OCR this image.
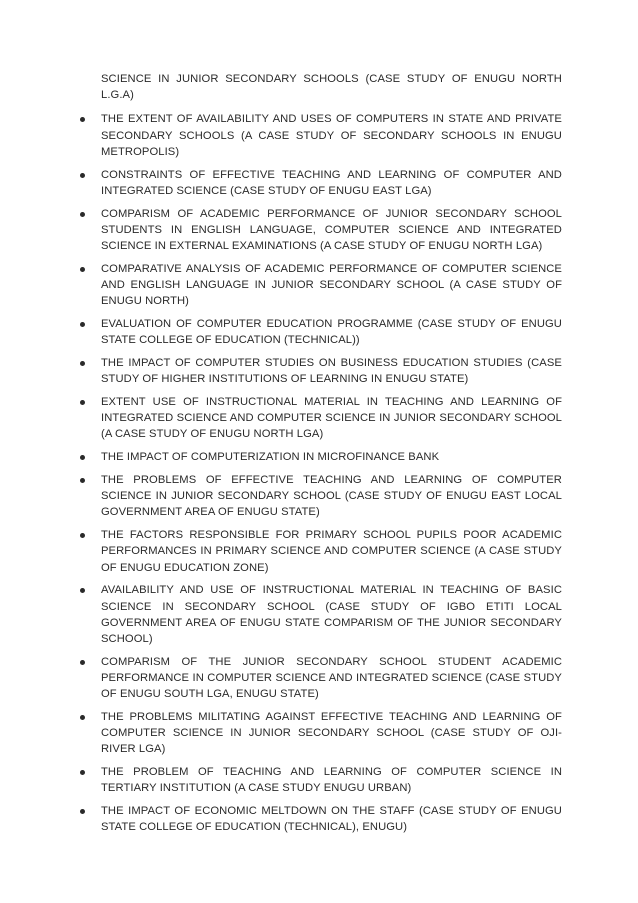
SCIENCE IN JUNIOR SECONDARY SCHOOLS (CASE STUDY OF ENUGU NORTH L.G.A)

THE EXTENT OF AVAILABILITY AND USES OF COMPUTERS IN STATE AND PRIVATE SECONDARY SCHOOLS (A CASE STUDY OF SECONDARY SCHOOLS IN ENUGU METROPOLIS)
CONSTRAINTS OF EFFECTIVE TEACHING AND LEARNING OF COMPUTER AND INTEGRATED SCIENCE (CASE STUDY OF ENUGU EAST LGA)
COMPARISM OF ACADEMIC PERFORMANCE OF JUNIOR SECONDARY SCHOOL STUDENTS IN ENGLISH LANGUAGE, COMPUTER SCIENCE AND INTEGRATED SCIENCE IN EXTERNAL EXAMINATIONS (A CASE STUDY OF ENUGU NORTH LGA)
COMPARATIVE ANALYSIS OF ACADEMIC PERFORMANCE OF COMPUTER SCIENCE AND ENGLISH LANGUAGE IN JUNIOR SECONDARY SCHOOL (A CASE STUDY OF ENUGU NORTH)
EVALUATION OF COMPUTER EDUCATION PROGRAMME (CASE STUDY OF ENUGU STATE COLLEGE OF EDUCATION (TECHNICAL))
THE IMPACT OF COMPUTER STUDIES ON BUSINESS EDUCATION STUDIES (CASE STUDY OF HIGHER INSTITUTIONS OF LEARNING IN ENUGU STATE)
EXTENT USE OF INSTRUCTIONAL MATERIAL IN TEACHING AND LEARNING OF INTEGRATED SCIENCE AND COMPUTER SCIENCE IN JUNIOR SECONDARY SCHOOL (A CASE STUDY OF ENUGU NORTH LGA)
THE IMPACT OF COMPUTERIZATION IN MICROFINANCE BANK
THE PROBLEMS OF EFFECTIVE TEACHING AND LEARNING OF COMPUTER SCIENCE IN JUNIOR SECONDARY SCHOOL (CASE STUDY OF ENUGU EAST LOCAL GOVERNMENT AREA OF ENUGU STATE)
THE FACTORS RESPONSIBLE FOR PRIMARY SCHOOL PUPILS POOR ACADEMIC PERFORMANCES IN PRIMARY SCIENCE AND COMPUTER SCIENCE (A CASE STUDY OF ENUGU EDUCATION ZONE)
AVAILABILITY AND USE OF INSTRUCTIONAL MATERIAL IN TEACHING OF BASIC SCIENCE IN SECONDARY SCHOOL (CASE STUDY OF IGBO ETITI LOCAL GOVERNMENT AREA OF ENUGU STATE COMPARISM OF THE JUNIOR SECONDARY SCHOOL)
COMPARISM OF THE JUNIOR SECONDARY SCHOOL STUDENT ACADEMIC PERFORMANCE IN COMPUTER SCIENCE AND INTEGRATED SCIENCE (CASE STUDY OF ENUGU SOUTH LGA, ENUGU STATE)
THE PROBLEMS MILITATING AGAINST EFFECTIVE TEACHING AND LEARNING OF COMPUTER SCIENCE IN JUNIOR SECONDARY SCHOOL (CASE STUDY OF OJI-RIVER LGA)
THE PROBLEM OF TEACHING AND LEARNING OF COMPUTER SCIENCE IN TERTIARY INSTITUTION (A CASE STUDY ENUGU URBAN)
THE IMPACT OF ECONOMIC MELTDOWN ON THE STAFF (CASE STUDY OF ENUGU STATE COLLEGE OF EDUCATION (TECHNICAL), ENUGU)
